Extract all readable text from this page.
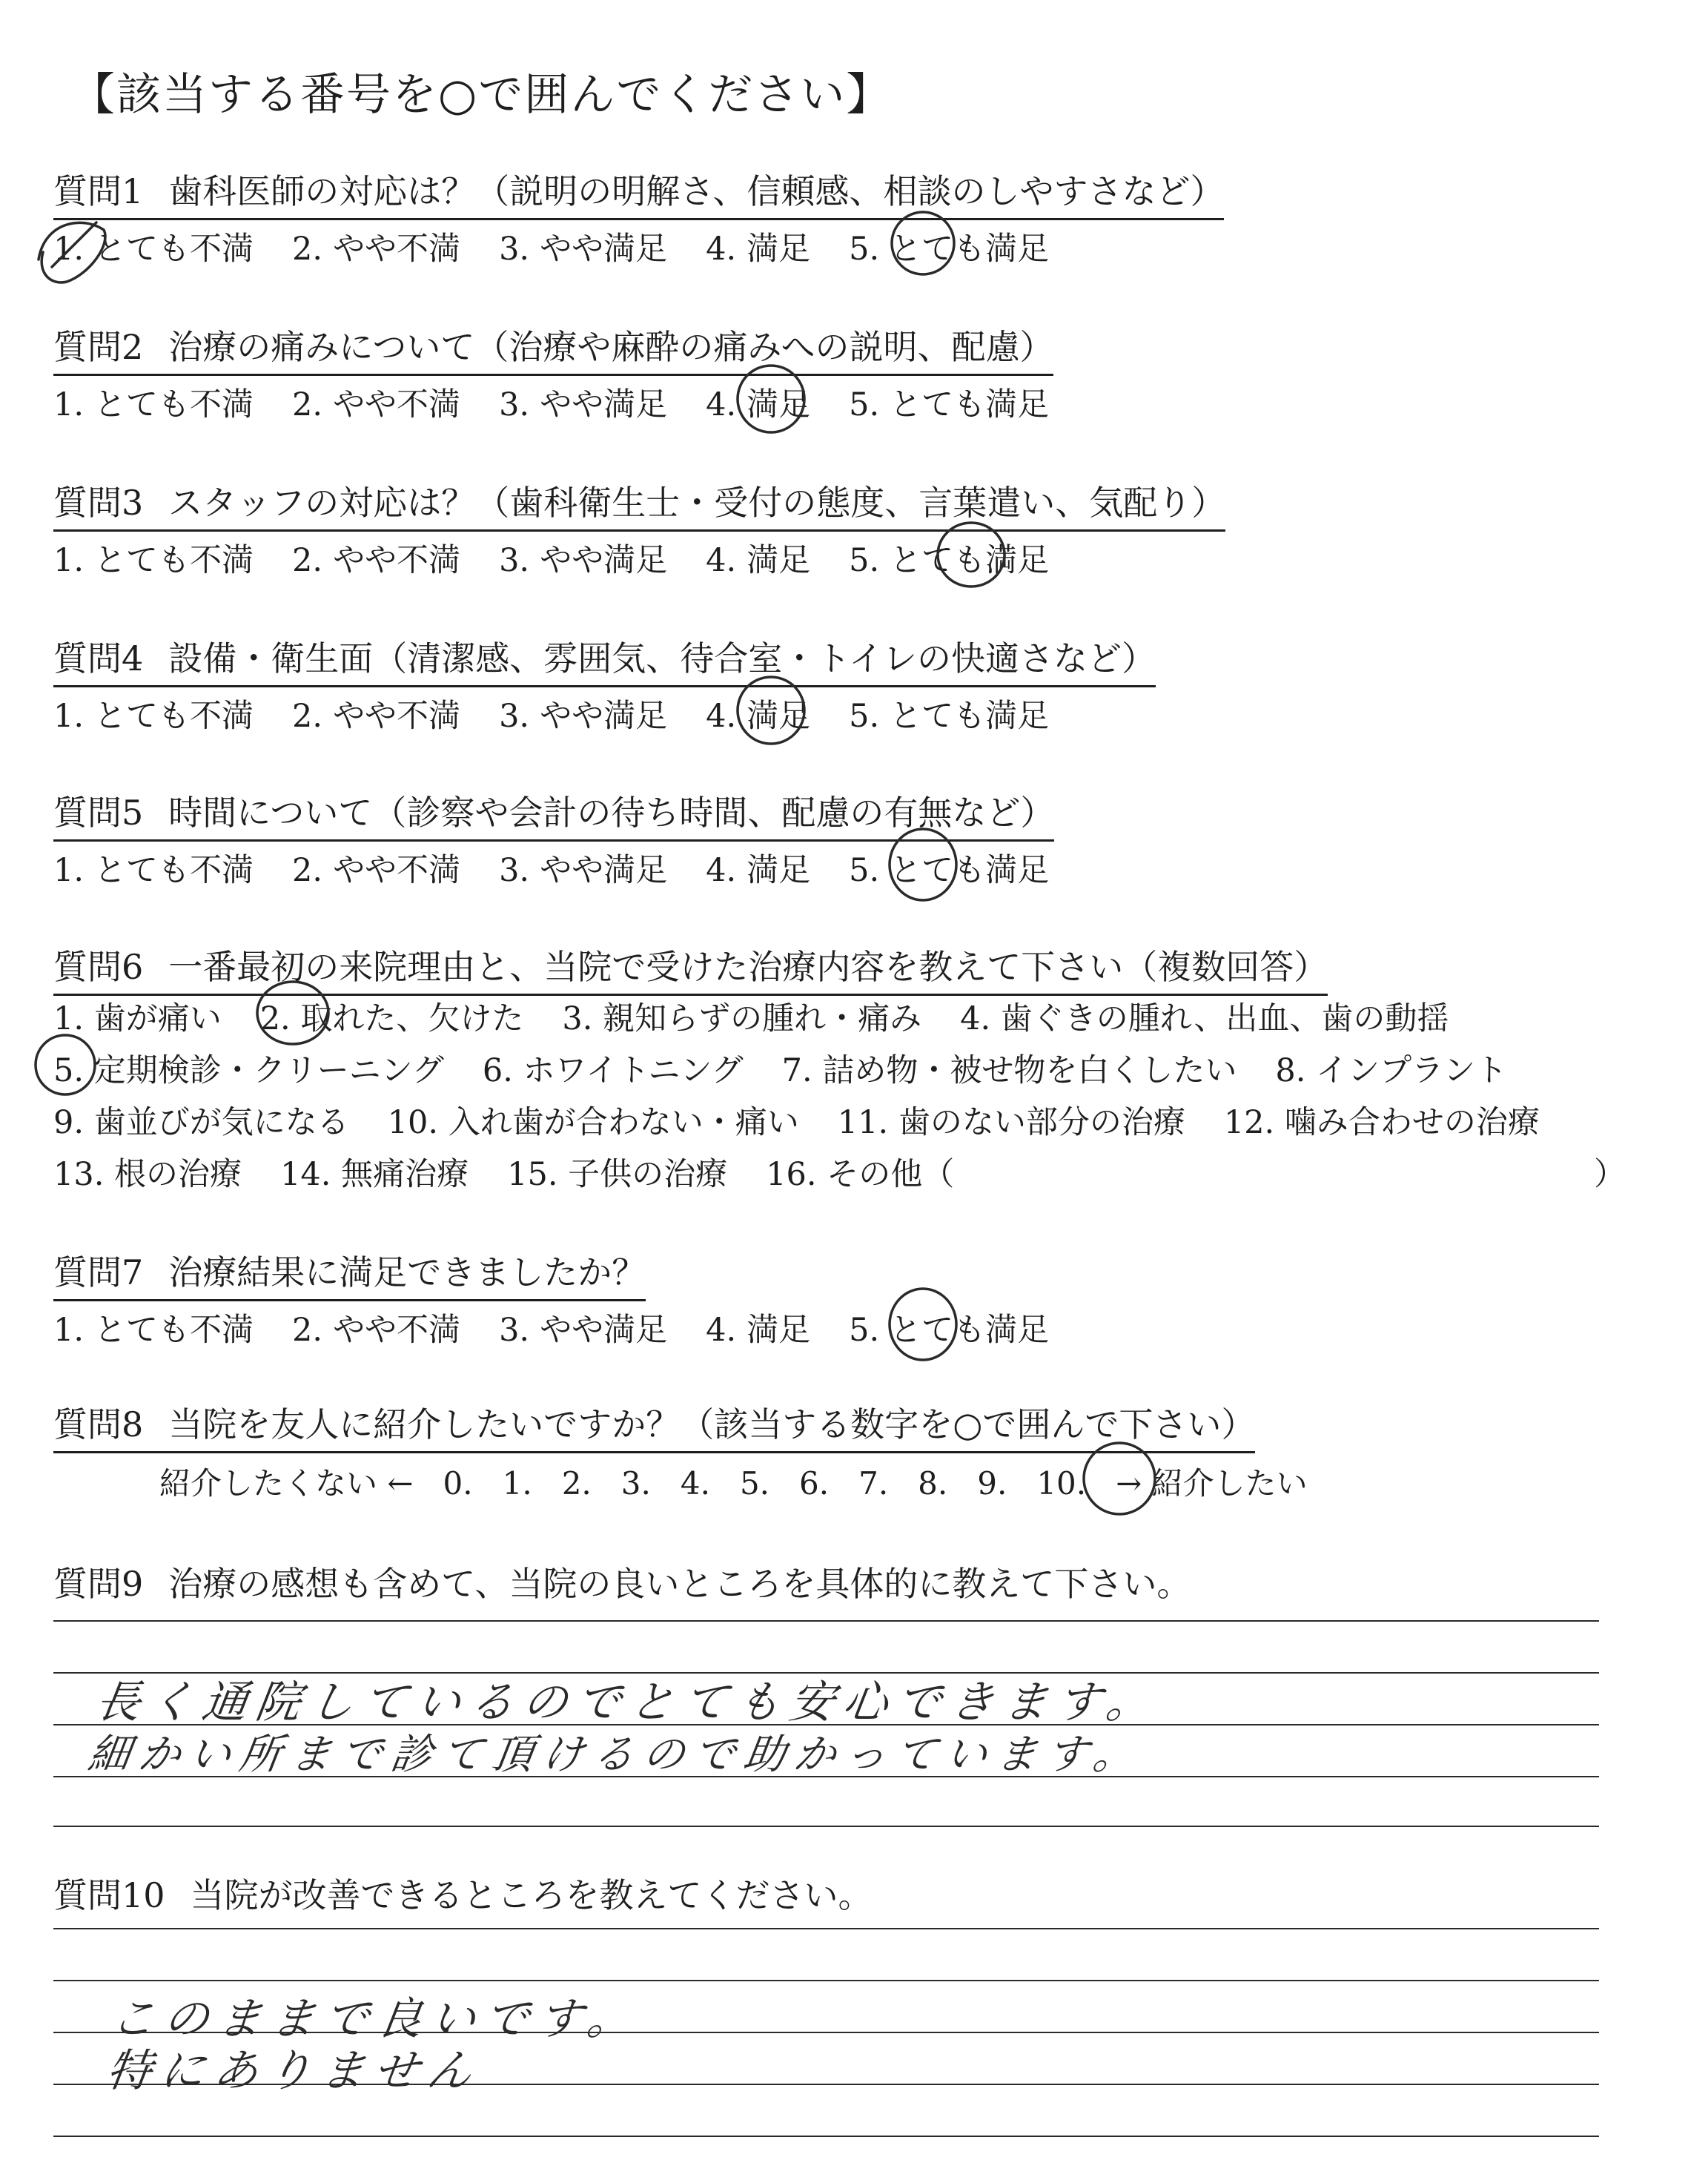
【該当する番号を○で囲んでください】
質問1 歯科医師の対応は？（説明の明解さ、信頼感、相談のしやすさなど）
1. とても不満 2. やや不満 3. やや満足 4. 満足 5. とても満足
質問2 治療の痛みについて（治療や麻酔の痛みへの説明、配慮）
1. とても不満 2. やや不満 3. やや満足 4. 満足 5. とても満足
質問3 スタッフの対応は？（歯科衛生士・受付の態度、言葉遣い、気配り）
1. とても不満 2. やや不満 3. やや満足 4. 満足 5. とても満足
質問4 設備・衛生面（清潔感、雰囲気、待合室・トイレの快適さなど）
1. とても不満 2. やや不満 3. やや満足 4. 満足 5. とても満足
質問5 時間について（診察や会計の待ち時間、配慮の有無など）
1. とても不満 2. やや不満 3. やや満足 4. 満足 5. とても満足
質問6 一番最初の来院理由と、当院で受けた治療内容を教えて下さい（複数回答）
1. 歯が痛い 2. 取れた、欠けた 3. 親知らずの腫れ・痛み 4. 歯ぐきの腫れ、出血、歯の動揺
5. 定期検診・クリーニング 6. ホワイトニング 7. 詰め物・被せ物を白くしたい 8. インプラント
9. 歯並びが気になる 10. 入れ歯が合わない・痛い 11. 歯のない部分の治療 12. 噛み合わせの治療
13. 根の治療 14. 無痛治療 15. 子供の治療 16. その他（	）
質問7 治療結果に満足できましたか？
1. とても不満 2. やや不満 3. やや満足 4. 満足 5. とても満足
質問8 当院を友人に紹介したいですか？（該当する数字を○で囲んで下さい）
紹介したくない ← 0. 1. 2. 3. 4. 5. 6. 7. 8. 9. 10. → 紹介したい
質問9 治療の感想も含めて、当院の良いところを具体的に教えて下さい。
長く通院しているのでとても安心できます。
細かい所まで診て頂けるので助かっています。
質問10 当院が改善できるところを教えてください。
このままで良いです。
特にありません
